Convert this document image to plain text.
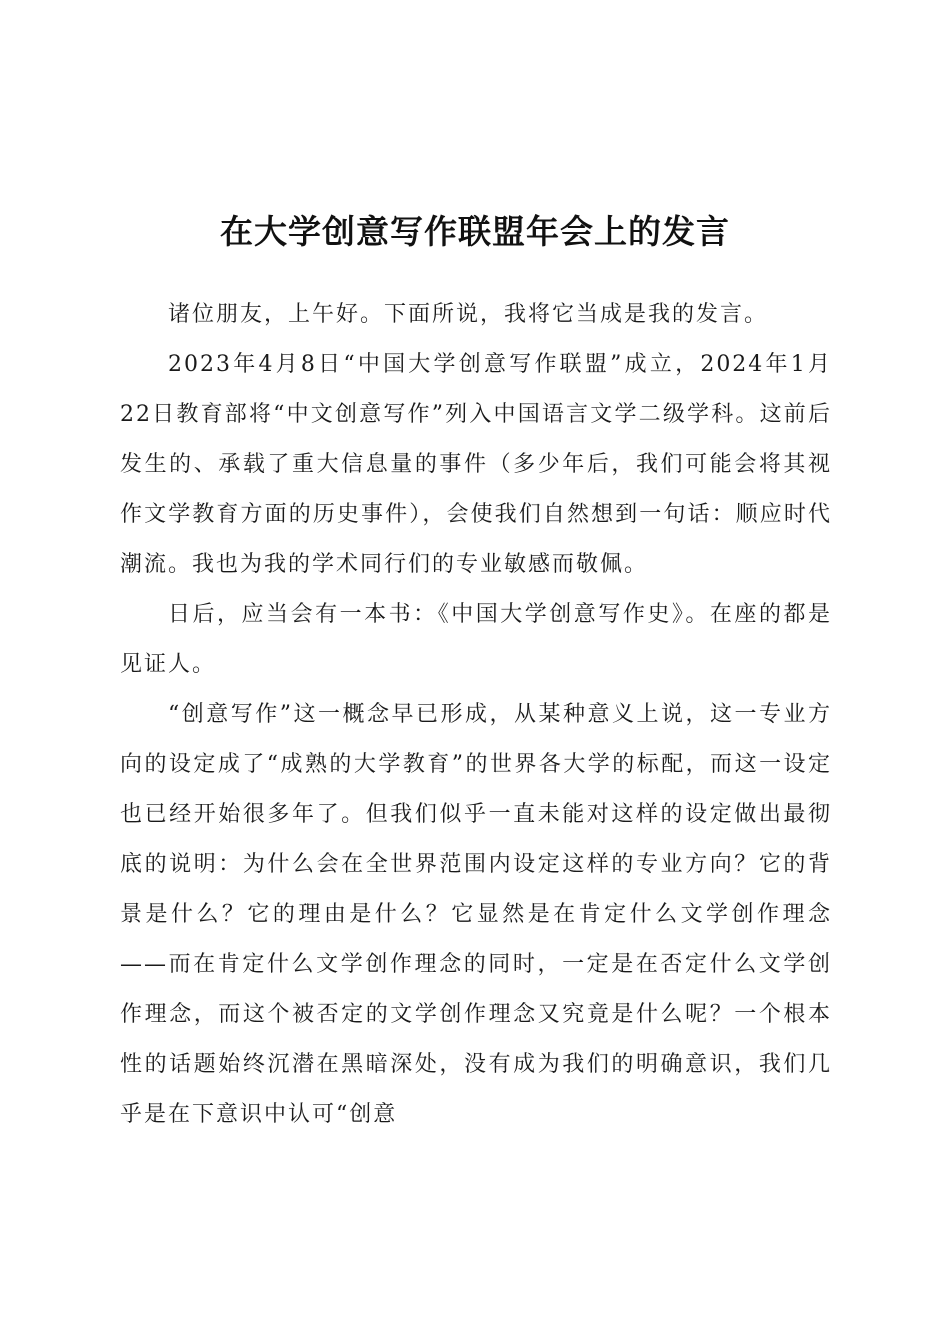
在大学创意写作联盟年会上的发言

诸位朋友，上午好。下面所说，我将它当成是我的发言。

2023年4月8日“中国大学创意写作联盟”成立，2024年1月22日教育部将“中文创意写作”列入中国语言文学二级学科。这前后发生的、承载了重大信息量的事件（多少年后，我们可能会将其视作文学教育方面的历史事件），会使我们自然想到一句话：顺应时代潮流。我也为我的学术同行们的专业敏感而敬佩。

日后，应当会有一本书：《中国大学创意写作史》。在座的都是见证人。

“创意写作”这一概念早已形成，从某种意义上说，这一专业方向的设定成了“成熟的大学教育”的世界各大学的标配，而这一设定也已经开始很多年了。但我们似乎一直未能对这样的设定做出最彻底的说明：为什么会在全世界范围内设定这样的专业方向？它的背景是什么？它的理由是什么？它显然是在肯定什么文学创作理念——而在肯定什么文学创作理念的同时，一定是在否定什么文学创作理念，而这个被否定的文学创作理念又究竟是什么呢？一个根本性的话题始终沉潜在黑暗深处，没有成为我们的明确意识，我们几乎是在下意识中认可“创意
